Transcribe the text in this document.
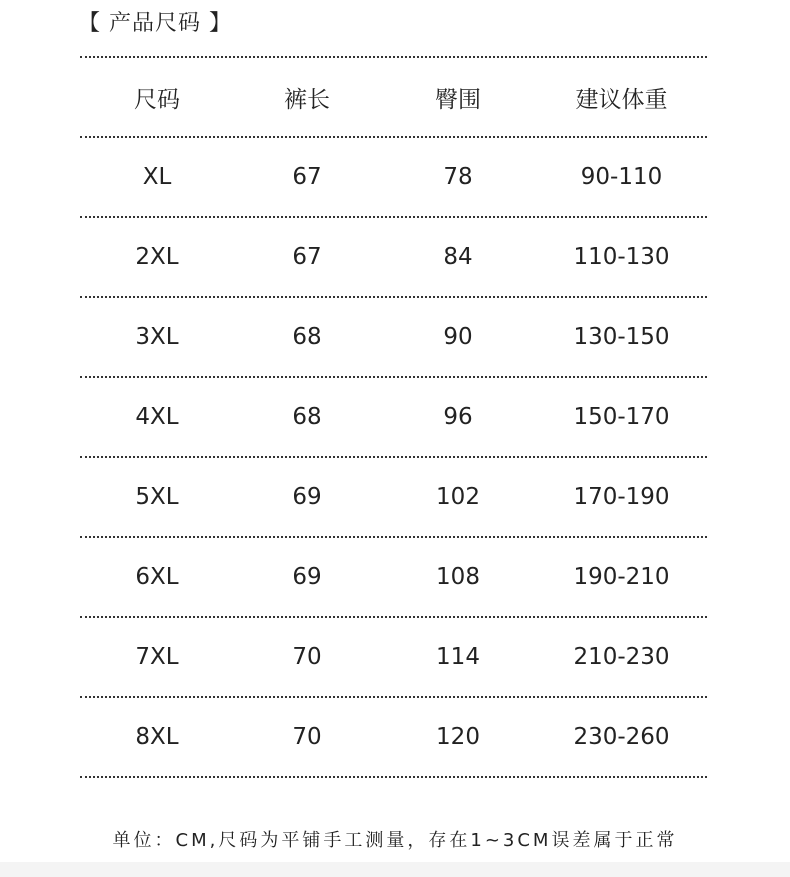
【 产品尺码 】
尺码	裤长	臀围	建议体重
XL	67	78	90-110
2XL	67	84	110-130
3XL	68	90	130-150
4XL	68	96	150-170
5XL	69	102	170-190
6XL	69	108	190-210
7XL	70	114	210-230
8XL	70	120	230-260
单位：CM,尺码为平铺手工测量，存在1~3CM误差属于正常
